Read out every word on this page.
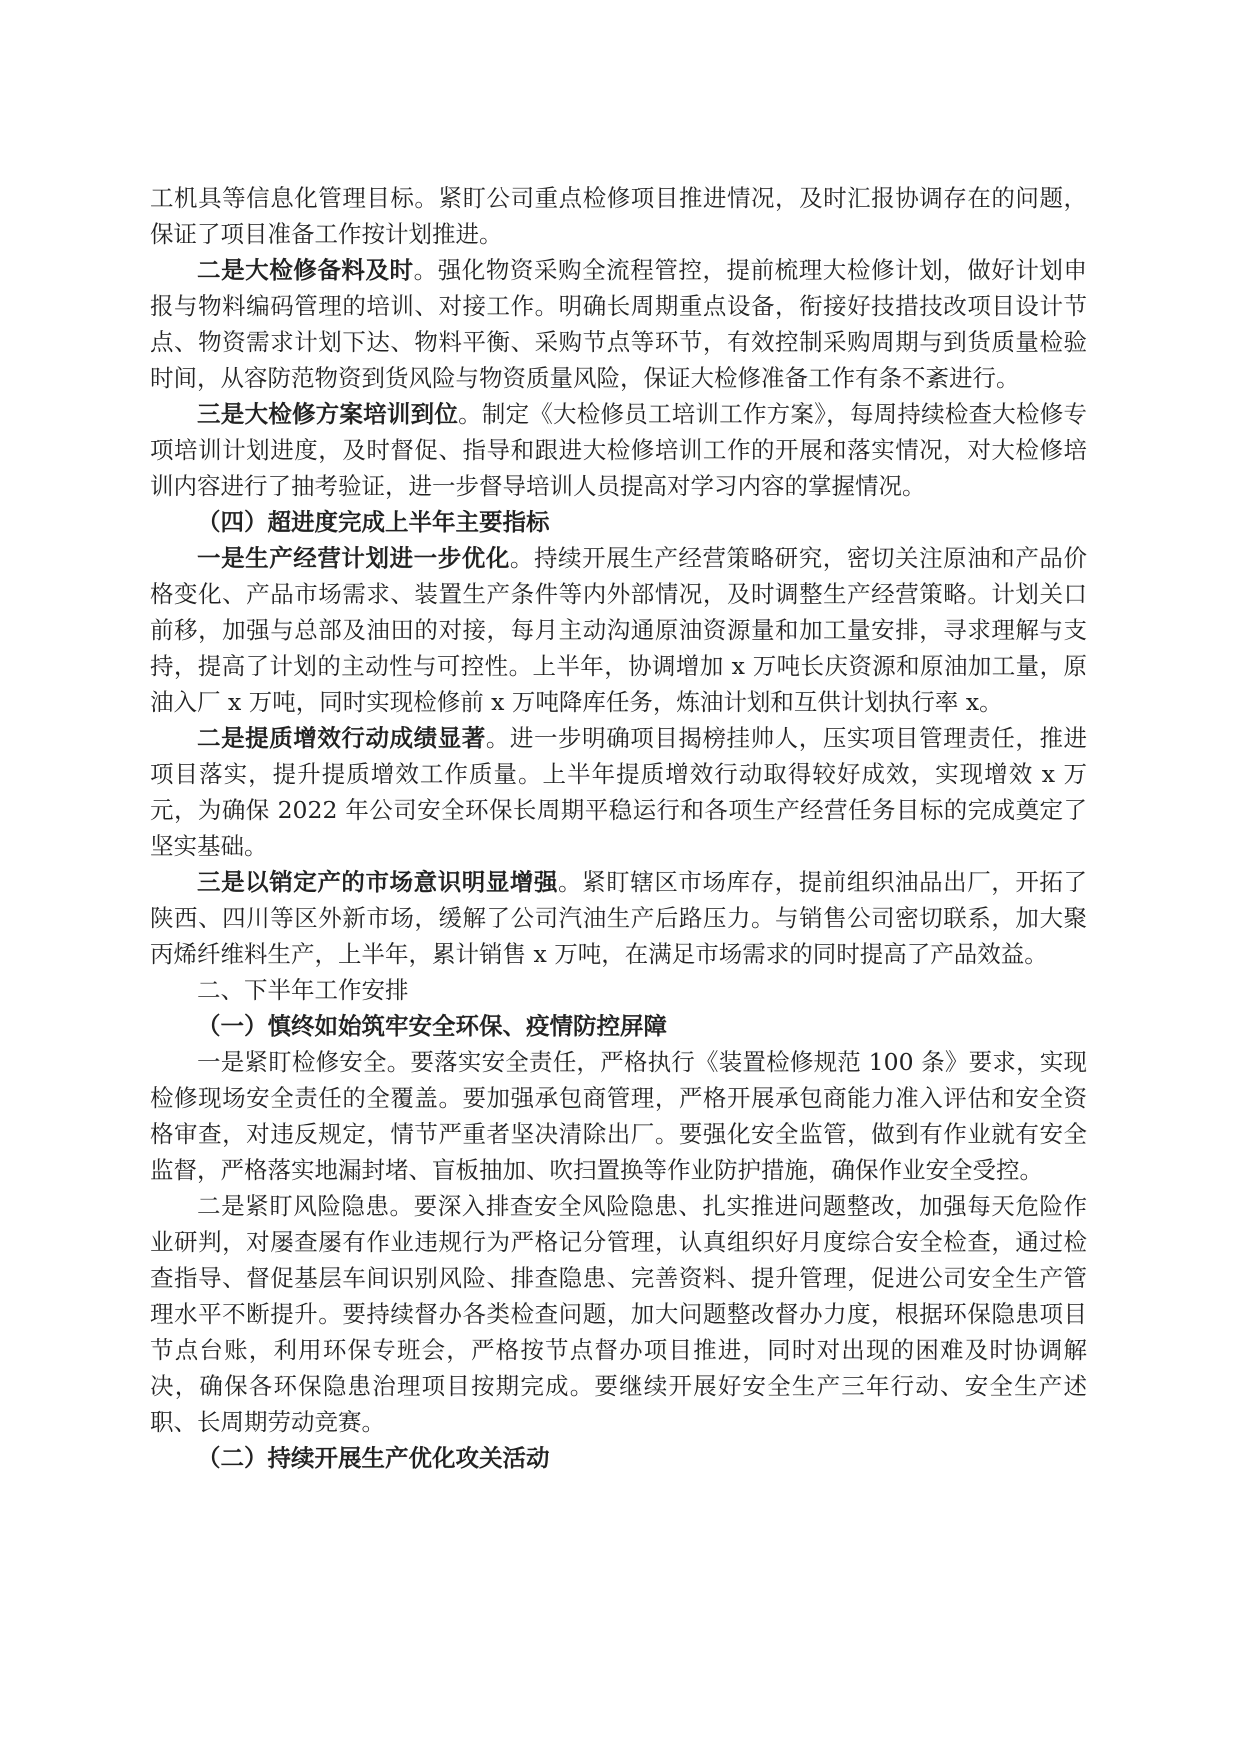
工机具等信息化管理目标。紧盯公司重点检修项目推进情况，及时汇报协调存在的问题，保证了项目准备工作按计划推进。

二是大检修备料及时。强化物资采购全流程管控，提前梳理大检修计划，做好计划申报与物料编码管理的培训、对接工作。明确长周期重点设备，衔接好技措技改项目设计节点、物资需求计划下达、物料平衡、采购节点等环节，有效控制采购周期与到货质量检验时间，从容防范物资到货风险与物资质量风险，保证大检修准备工作有条不紊进行。

三是大检修方案培训到位。制定《大检修员工培训工作方案》，每周持续检查大检修专项培训计划进度，及时督促、指导和跟进大检修培训工作的开展和落实情况，对大检修培训内容进行了抽考验证，进一步督导培训人员提高对学习内容的掌握情况。

（四）超进度完成上半年主要指标

一是生产经营计划进一步优化。持续开展生产经营策略研究，密切关注原油和产品价格变化、产品市场需求、装置生产条件等内外部情况，及时调整生产经营策略。计划关口前移，加强与总部及油田的对接，每月主动沟通原油资源量和加工量安排，寻求理解与支持，提高了计划的主动性与可控性。上半年，协调增加 x 万吨长庆资源和原油加工量，原油入厂 x 万吨，同时实现检修前 x 万吨降库任务，炼油计划和互供计划执行率 x。

二是提质增效行动成绩显著。进一步明确项目揭榜挂帅人，压实项目管理责任，推进项目落实，提升提质增效工作质量。上半年提质增效行动取得较好成效，实现增效 x 万元，为确保 2022 年公司安全环保长周期平稳运行和各项生产经营任务目标的完成奠定了坚实基础。

三是以销定产的市场意识明显增强。紧盯辖区市场库存，提前组织油品出厂，开拓了陕西、四川等区外新市场，缓解了公司汽油生产后路压力。与销售公司密切联系，加大聚丙烯纤维料生产，上半年，累计销售 x 万吨，在满足市场需求的同时提高了产品效益。

二、下半年工作安排

（一）慎终如始筑牢安全环保、疫情防控屏障

一是紧盯检修安全。要落实安全责任，严格执行《装置检修规范 100 条》要求，实现检修现场安全责任的全覆盖。要加强承包商管理，严格开展承包商能力准入评估和安全资格审查，对违反规定，情节严重者坚决清除出厂。要强化安全监管，做到有作业就有安全监督，严格落实地漏封堵、盲板抽加、吹扫置换等作业防护措施，确保作业安全受控。

二是紧盯风险隐患。要深入排查安全风险隐患、扎实推进问题整改，加强每天危险作业研判，对屡查屡有作业违规行为严格记分管理，认真组织好月度综合安全检查，通过检查指导、督促基层车间识别风险、排查隐患、完善资料、提升管理，促进公司安全生产管理水平不断提升。要持续督办各类检查问题，加大问题整改督办力度，根据环保隐患项目节点台账，利用环保专班会，严格按节点督办项目推进，同时对出现的困难及时协调解决，确保各环保隐患治理项目按期完成。要继续开展好安全生产三年行动、安全生产述职、长周期劳动竞赛。

（二）持续开展生产优化攻关活动
